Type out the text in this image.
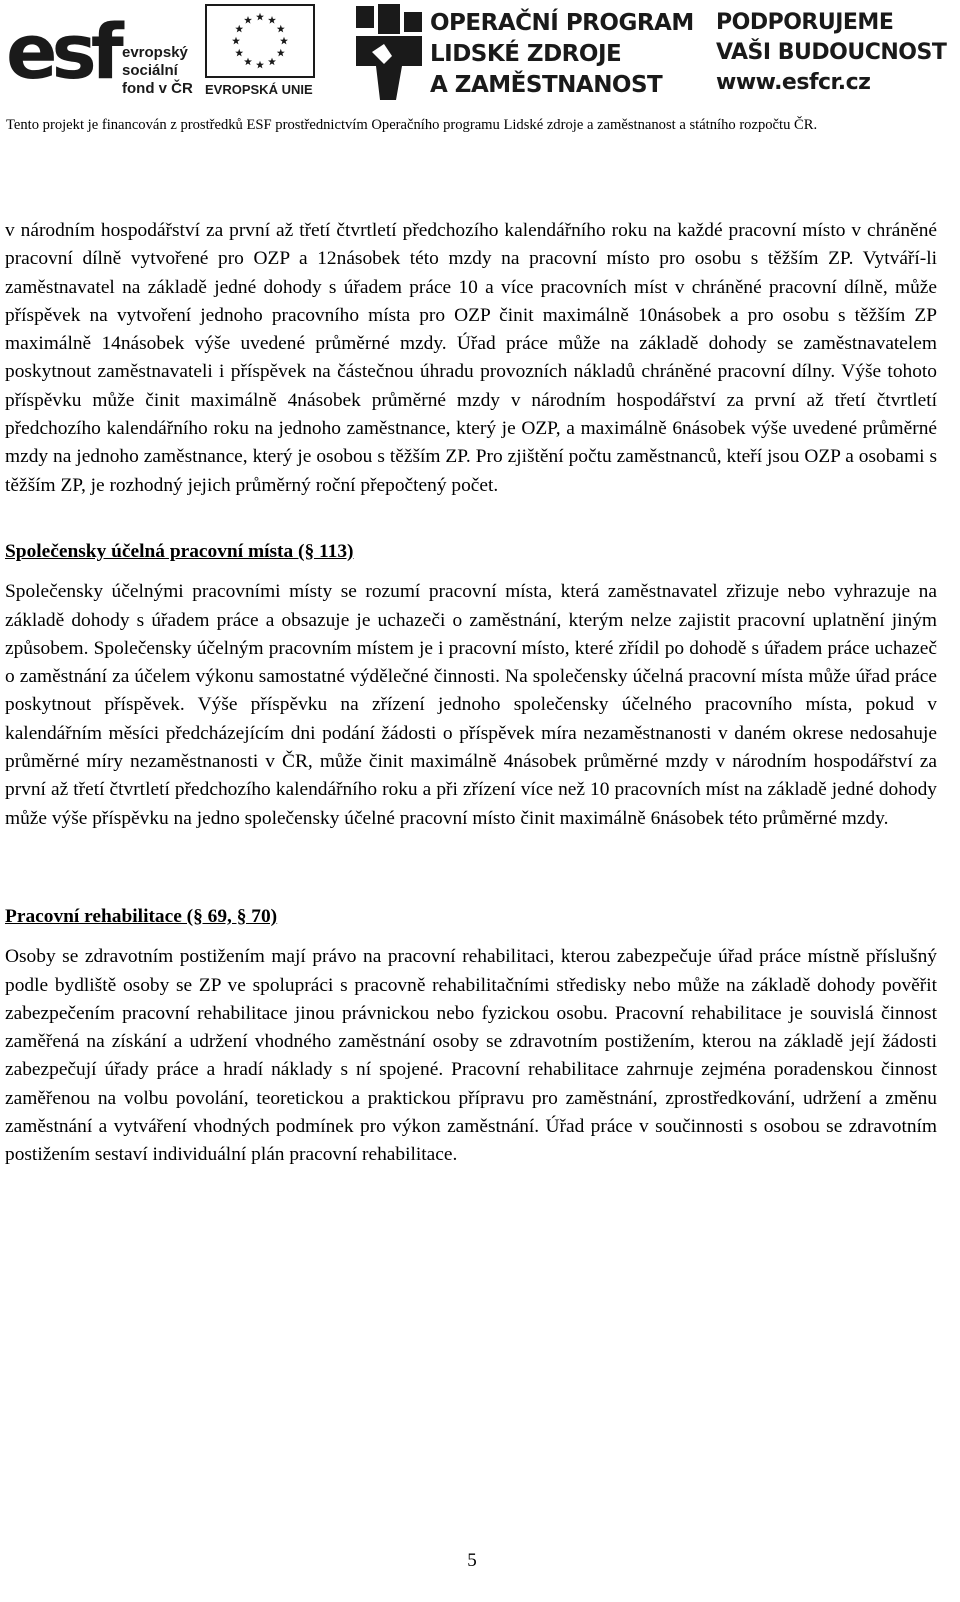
esf evropský
sociální
fond v ČR EVROPSKÁ UNIE
OPERAČNÍ PROGRAM
LIDSKÉ ZDROJE
A ZAMĚSTNANOST
PODPORUJEME
VAŠI BUDOUCNOST
www.esfcr.cz
Tento projekt je financován z prostředků ESF prostřednictvím Operačního programu Lidské zdroje a zaměstnanost a státního rozpočtu ČR.

v národním hospodářství za první až třetí čtvrtletí předchozího kalendářního roku na každé pracovní místo v chráněné pracovní dílně vytvořené pro OZP a 12násobek této mzdy na pracovní místo pro osobu s těžším ZP. Vytváří-li zaměstnavatel na základě jedné dohody s úřadem práce 10 a více pracovních míst v chráněné pracovní dílně, může příspěvek na vytvoření jednoho pracovního místa pro OZP činit maximálně 10násobek a pro osobu s těžším ZP maximálně 14násobek výše uvedené průměrné mzdy. Úřad práce může na základě dohody se zaměstnavatelem poskytnout zaměstnavateli i příspěvek na částečnou úhradu provozních nákladů chráněné pracovní dílny. Výše tohoto příspěvku může činit maximálně 4násobek průměrné mzdy v národním hospodářství za první až třetí čtvrtletí předchozího kalendářního roku na jednoho zaměstnance, který je OZP, a maximálně 6násobek výše uvedené průměrné mzdy na jednoho zaměstnance, který je osobou s těžším ZP. Pro zjištění počtu zaměstnanců, kteří jsou OZP a osobami s těžším ZP, je rozhodný jejich průměrný roční přepočtený počet.

Společensky účelná pracovní místa (§ 113)

Společensky účelnými pracovními místy se rozumí pracovní místa, která zaměstnavatel zřizuje nebo vyhrazuje na základě dohody s úřadem práce a obsazuje je uchazeči o zaměstnání, kterým nelze zajistit pracovní uplatnění jiným způsobem. Společensky účelným pracovním místem je i pracovní místo, které zřídil po dohodě s úřadem práce uchazeč o zaměstnání za účelem výkonu samostatné výdělečné činnosti. Na společensky účelná pracovní místa může úřad práce poskytnout příspěvek. Výše příspěvku na zřízení jednoho společensky účelného pracovního místa, pokud v kalendářním měsíci předcházejícím dni podání žádosti o příspěvek míra nezaměstnanosti v daném okrese nedosahuje průměrné míry nezaměstnanosti v ČR, může činit maximálně 4násobek průměrné mzdy v národním hospodářství za první až třetí čtvrtletí předchozího kalendářního roku a při zřízení více než 10 pracovních míst na základě jedné dohody může výše příspěvku na jedno společensky účelné pracovní místo činit maximálně 6násobek této průměrné mzdy.

Pracovní rehabilitace (§ 69, § 70)

Osoby se zdravotním postižením mají právo na pracovní rehabilitaci, kterou zabezpečuje úřad práce místně příslušný podle bydliště osoby se ZP ve spolupráci s pracovně rehabilitačními středisky nebo může na základě dohody pověřit zabezpečením pracovní rehabilitace jinou právnickou nebo fyzickou osobu. Pracovní rehabilitace je souvislá činnost zaměřená na získání a udržení vhodného zaměstnání osoby se zdravotním postižením, kterou na základě její žádosti zabezpečují úřady práce a hradí náklady s ní spojené. Pracovní rehabilitace zahrnuje zejména poradenskou činnost zaměřenou na volbu povolání, teoretickou a praktickou přípravu pro zaměstnání, zprostředkování, udržení a změnu zaměstnání a vytváření vhodných podmínek pro výkon zaměstnání. Úřad práce v součinnosti s osobou se zdravotním postižením sestaví individuální plán pracovní rehabilitace.

5
